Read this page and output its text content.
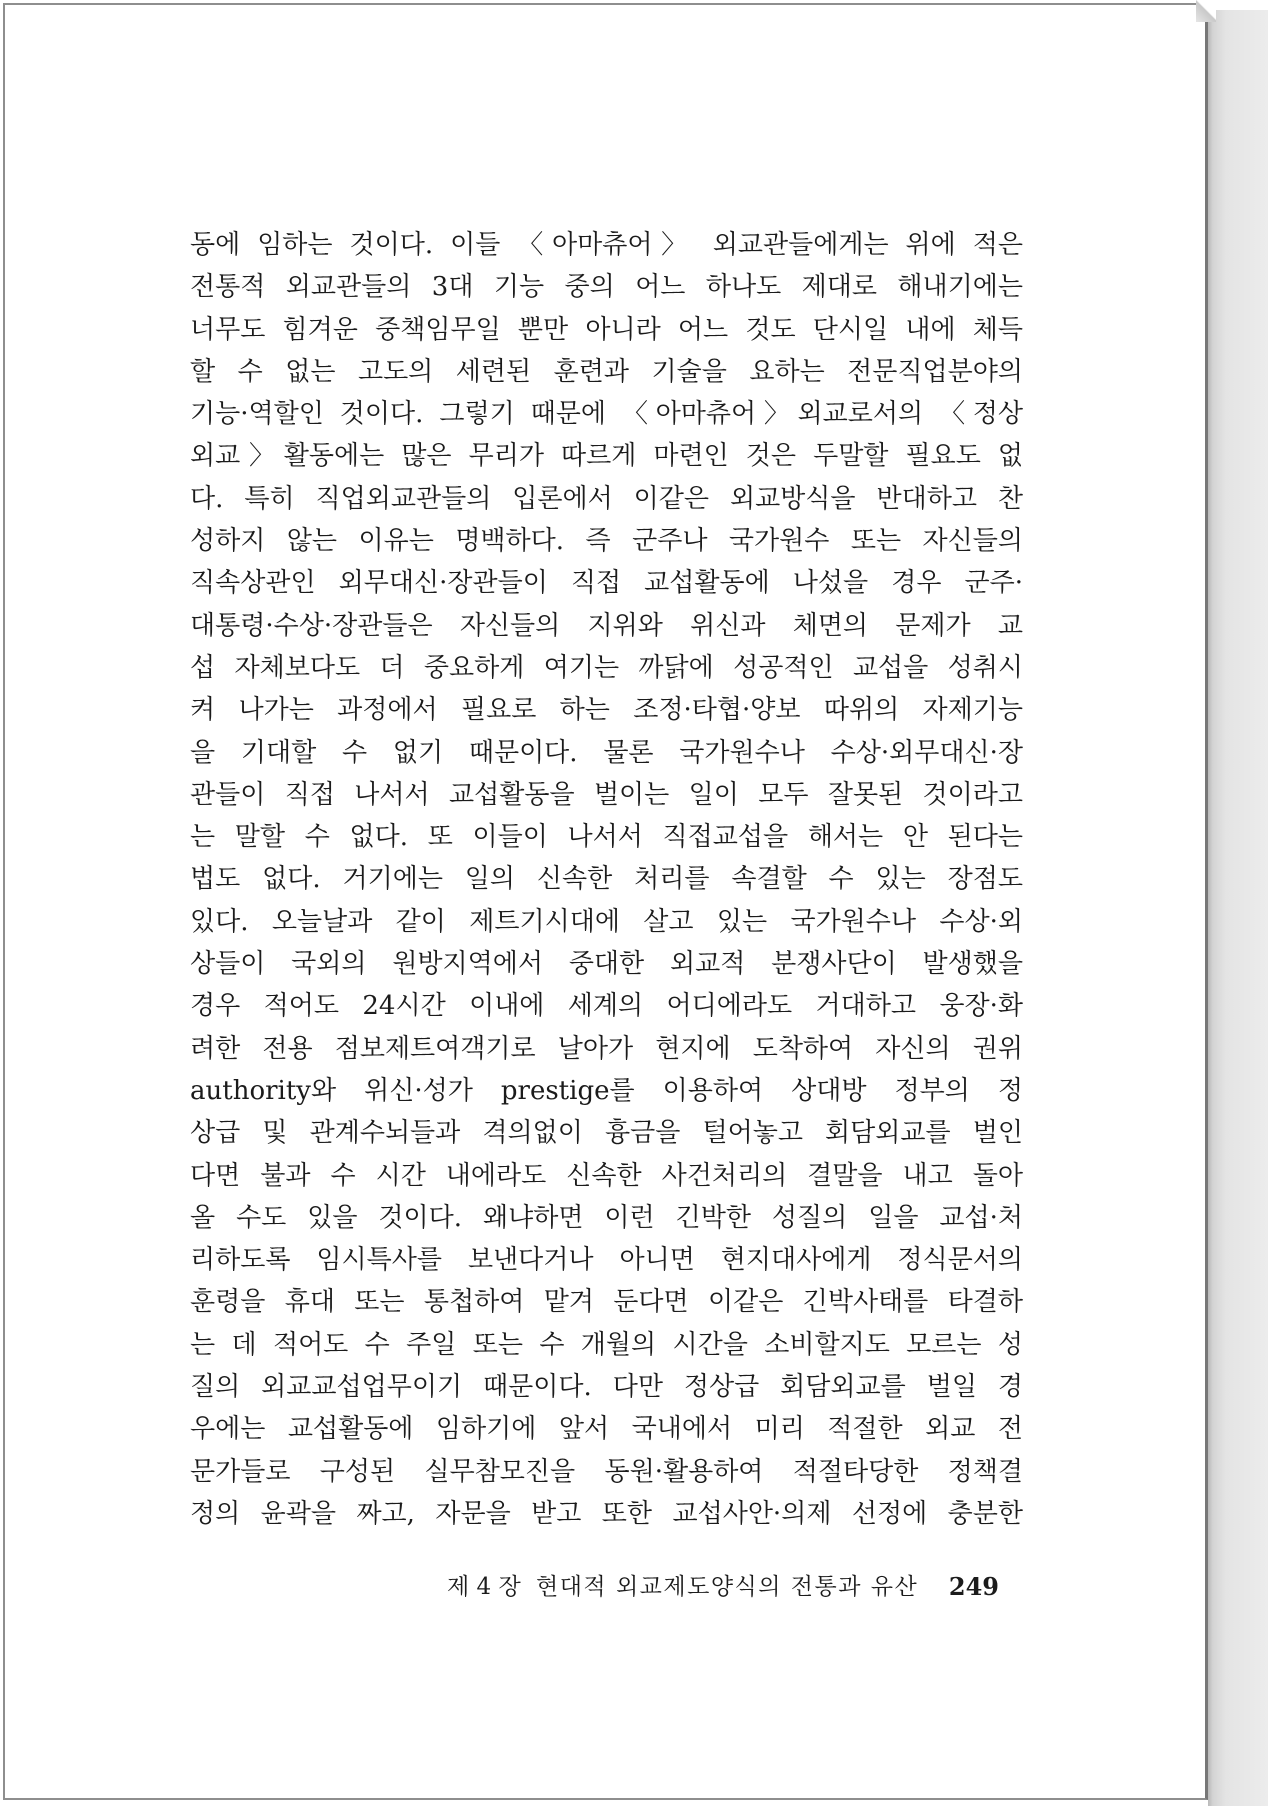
동에 임하는 것이다. 이들 〈아마츄어〉 외교관들에게는 위에 적은
전통적 외교관들의 3대 기능 중의 어느 하나도 제대로 해내기에는
너무도 힘겨운 중책임무일 뿐만 아니라 어느 것도 단시일 내에 체득
할 수 없는 고도의 세련된 훈련과 기술을 요하는 전문직업분야의
기능·역할인 것이다. 그렇기 때문에 〈아마츄어〉외교로서의 〈정상
외교〉활동에는 많은 무리가 따르게 마련인 것은 두말할 필요도 없
다. 특히 직업외교관들의 입론에서 이같은 외교방식을 반대하고 찬
성하지 않는 이유는 명백하다. 즉 군주나 국가원수 또는 자신들의
직속상관인 외무대신·장관들이 직접 교섭활동에 나섰을 경우 군주·
대통령·수상·장관들은 자신들의 지위와 위신과 체면의 문제가 교
섭 자체보다도 더 중요하게 여기는 까닭에 성공적인 교섭을 성취시
켜 나가는 과정에서 필요로 하는 조정·타협·양보 따위의 자제기능
을 기대할 수 없기 때문이다. 물론 국가원수나 수상·외무대신·장
관들이 직접 나서서 교섭활동을 벌이는 일이 모두 잘못된 것이라고
는 말할 수 없다. 또 이들이 나서서 직접교섭을 해서는 안 된다는
법도 없다. 거기에는 일의 신속한 처리를 속결할 수 있는 장점도
있다. 오늘날과 같이 제트기시대에 살고 있는 국가원수나 수상·외
상들이 국외의 원방지역에서 중대한 외교적 분쟁사단이 발생했을
경우 적어도 24시간 이내에 세계의 어디에라도 거대하고 웅장·화
려한 전용 점보제트여객기로 날아가 현지에 도착하여 자신의 권위
authority와 위신·성가 prestige를 이용하여 상대방 정부의 정
상급 및 관계수뇌들과 격의없이 흉금을 털어놓고 회담외교를 벌인
다면 불과 수 시간 내에라도 신속한 사건처리의 결말을 내고 돌아
올 수도 있을 것이다. 왜냐하면 이런 긴박한 성질의 일을 교섭·처
리하도록 임시특사를 보낸다거나 아니면 현지대사에게 정식문서의
훈령을 휴대 또는 통첩하여 맡겨 둔다면 이같은 긴박사태를 타결하
는 데 적어도 수 주일 또는 수 개월의 시간을 소비할지도 모르는 성
질의 외교교섭업무이기 때문이다. 다만 정상급 회담외교를 벌일 경
우에는 교섭활동에 임하기에 앞서 국내에서 미리 적절한 외교 전
문가들로 구성된 실무참모진을 동원·활용하여 적절타당한 정책결
정의 윤곽을 짜고, 자문을 받고 또한 교섭사안·의제 선정에 충분한
제 4 장 현대적 외교제도양식의 전통과 유산 249
